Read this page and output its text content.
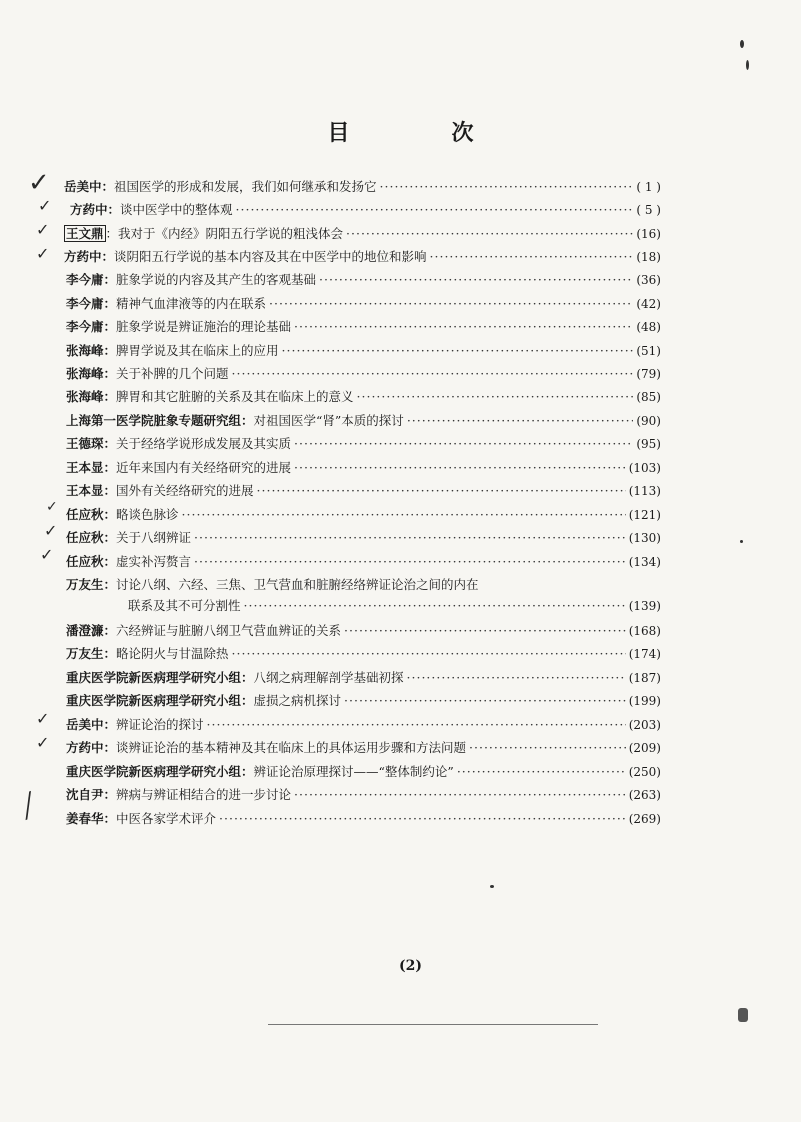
目　次
岳美中： 祖国医学的形成和发展，我们如何继承和发扬它 ·····	( 1 )
方药中： 谈中医学中的整体观 ·····	( 5 )
王文鼎 ：我对于《内经》阴阳五行学说的粗浅体会 ·····	(16)
方药中： 谈阴阳五行学说的基本内容及其在中医学中的地位和影响 ·····	(18)
李今庸： 脏象学说的内容及其产生的客观基础 ·····	(36)
李今庸： 精神气血津液等的内在联系 ·····	(42)
李今庸： 脏象学说是辨证施治的理论基础 ·····	(48)
张海峰： 脾胃学说及其在临床上的应用 ·····	(51)
张海峰： 关于补脾的几个问题 ·····	(79)
张海峰： 脾胃和其它脏腑的关系及其在临床上的意义 ·····	(85)
上海第一医学院脏象专题研究组： 对祖国医学“肾”本质的探讨 ·····	(90)
王德琛： 关于经络学说形成发展及其实质 ·····	(95)
王本显： 近年来国内有关经络研究的进展 ·····	(103)
王本显： 国外有关经络研究的进展 ·····	(113)
任应秋： 略谈色脉诊 ·····	(121)
任应秋： 关于八纲辨证 ·····	(130)
任应秋： 虚实补泻赘言 ·····	(134)
万友生： 讨论八纲、六经、三焦、卫气营血和脏腑经络辨证论治之间的内在
联系及其不可分割性 ·····	(139)
潘澄濂： 六经辨证与脏腑八纲卫气营血辨证的关系 ·····	(168)
万友生： 略论阴火与甘温除热 ·····	(174)
重庆医学院新医病理学研究小组： 八纲之病理解剖学基础初探 ·····	(187)
重庆医学院新医病理学研究小组： 虚损之病机探讨 ·····	(199)
岳美中： 辨证论治的探讨 ·····	(203)
方药中： 谈辨证论治的基本精神及其在临床上的具体运用步骤和方法问题 ·····	(209)
重庆医学院新医病理学研究小组： 辨证论治原理探讨——“整体制约论” ·····	(250)
沈自尹： 辨病与辨证相结合的进一步讨论 ·····	(263)
姜春华： 中医各家学术评介 ·····	(269)
✓
✓
✓
✓
✓
✓
✓
✓
✓
╱
(2)
